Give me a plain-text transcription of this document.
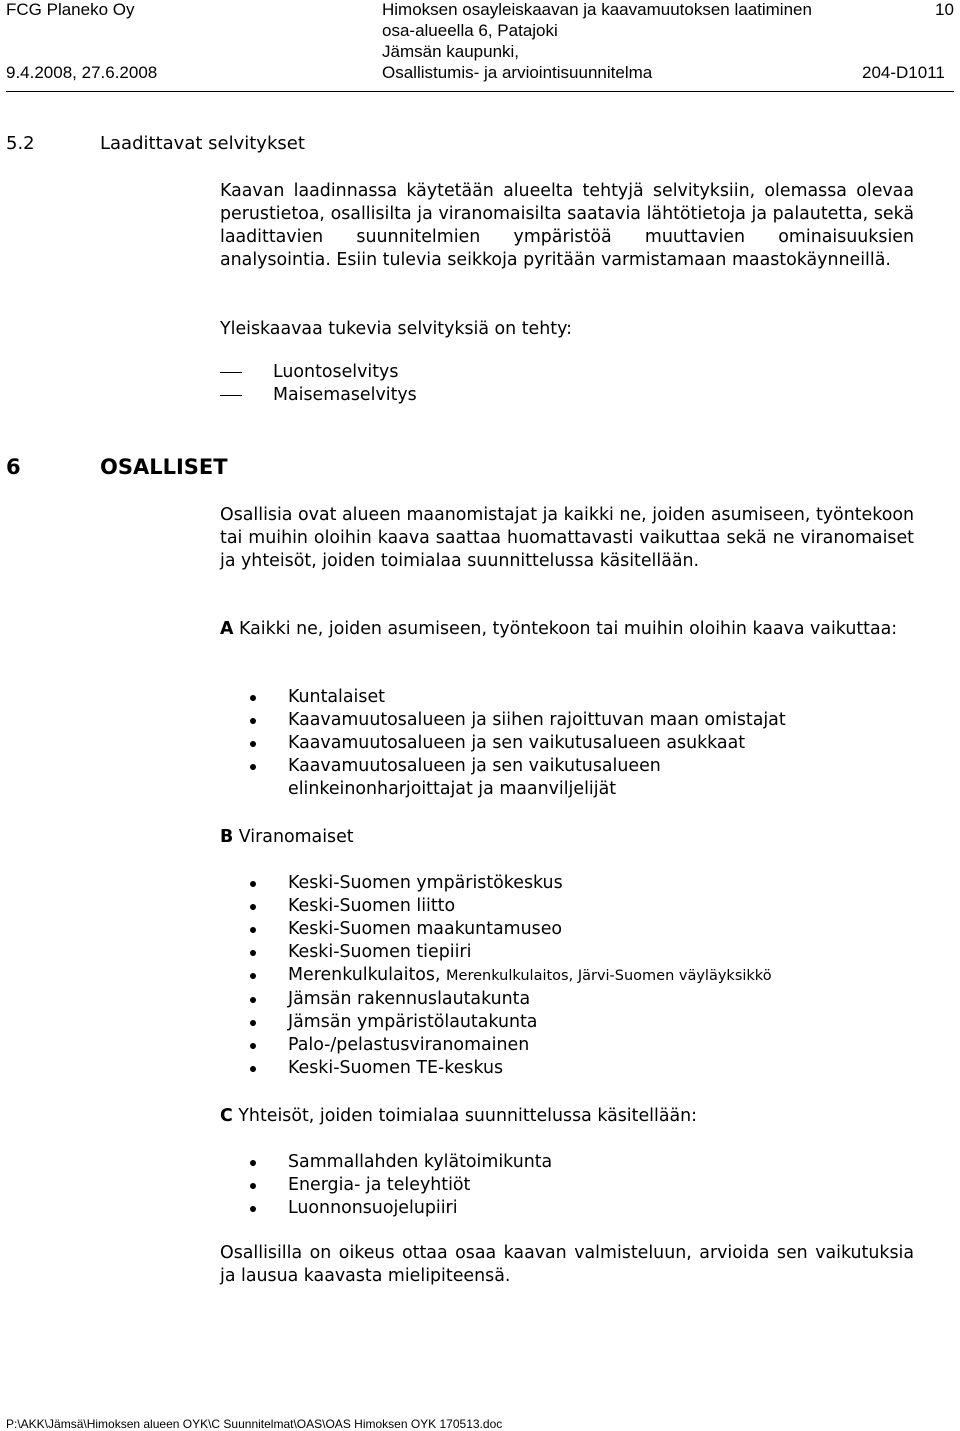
FCG Planeko Oy	Himoksen osayleiskaavan ja kaavamuutoksen laatiminen
osa-alueella 6, Patajoki
Jämsän kaupunki,
Osallistumis- ja arviointisuunnitelma
10
9.4.2008, 27.6.2008	204-D1011
5.2	Laadittavat selvitykset

Kaavan laadinnassa käytetään alueelta tehtyjä selvityksiin, olemassa olevaa perustietoa, osallisilta ja viranomaisilta saatavia lähtötietoja ja palautetta, sekä laadittavien suunnitelmien ympäristöä muuttavien ominaisuuksien analysointia. Esiin tulevia seikkoja pyritään varmistamaan maastokäynneillä.

Yleiskaavaa tukevia selvityksiä on tehty:

Luontoselvitys
Maisemaselvitys
6	OSALLISET

Osallisia ovat alueen maanomistajat ja kaikki ne, joiden asumiseen, työntekoon tai muihin oloihin kaava saattaa huomattavasti vaikuttaa sekä ne viranomaiset ja yhteisöt, joiden toimialaa suunnittelussa käsitellään.

A Kaikki ne, joiden asumiseen, työntekoon tai muihin oloihin kaava vaikuttaa:

Kuntalaiset
Kaavamuutosalueen ja siihen rajoittuvan maan omistajat
Kaavamuutosalueen ja sen vaikutusalueen asukkaat
Kaavamuutosalueen ja sen vaikutusalueen elinkeinonharjoittajat ja maanviljelijät

B Viranomaiset

Keski-Suomen ympäristökeskus
Keski-Suomen liitto
Keski-Suomen maakuntamuseo
Keski-Suomen tiepiiri
Merenkulkulaitos, Merenkulkulaitos, Järvi-Suomen väyläyksikkö
Jämsän rakennuslautakunta
Jämsän ympäristölautakunta
Palo-/pelastusviranomainen
Keski-Suomen TE-keskus

C Yhteisöt, joiden toimialaa suunnittelussa käsitellään:

Sammallahden kylätoimikunta
Energia- ja teleyhtiöt
Luonnonsuojelupiiri

Osallisilla on oikeus ottaa osaa kaavan valmisteluun, arvioida sen vaikutuksia ja lausua kaavasta mielipiteensä.

P:\AKK\Jämsä\Himoksen alueen OYK\C Suunnitelmat\OAS\OAS Himoksen OYK 170513.doc
